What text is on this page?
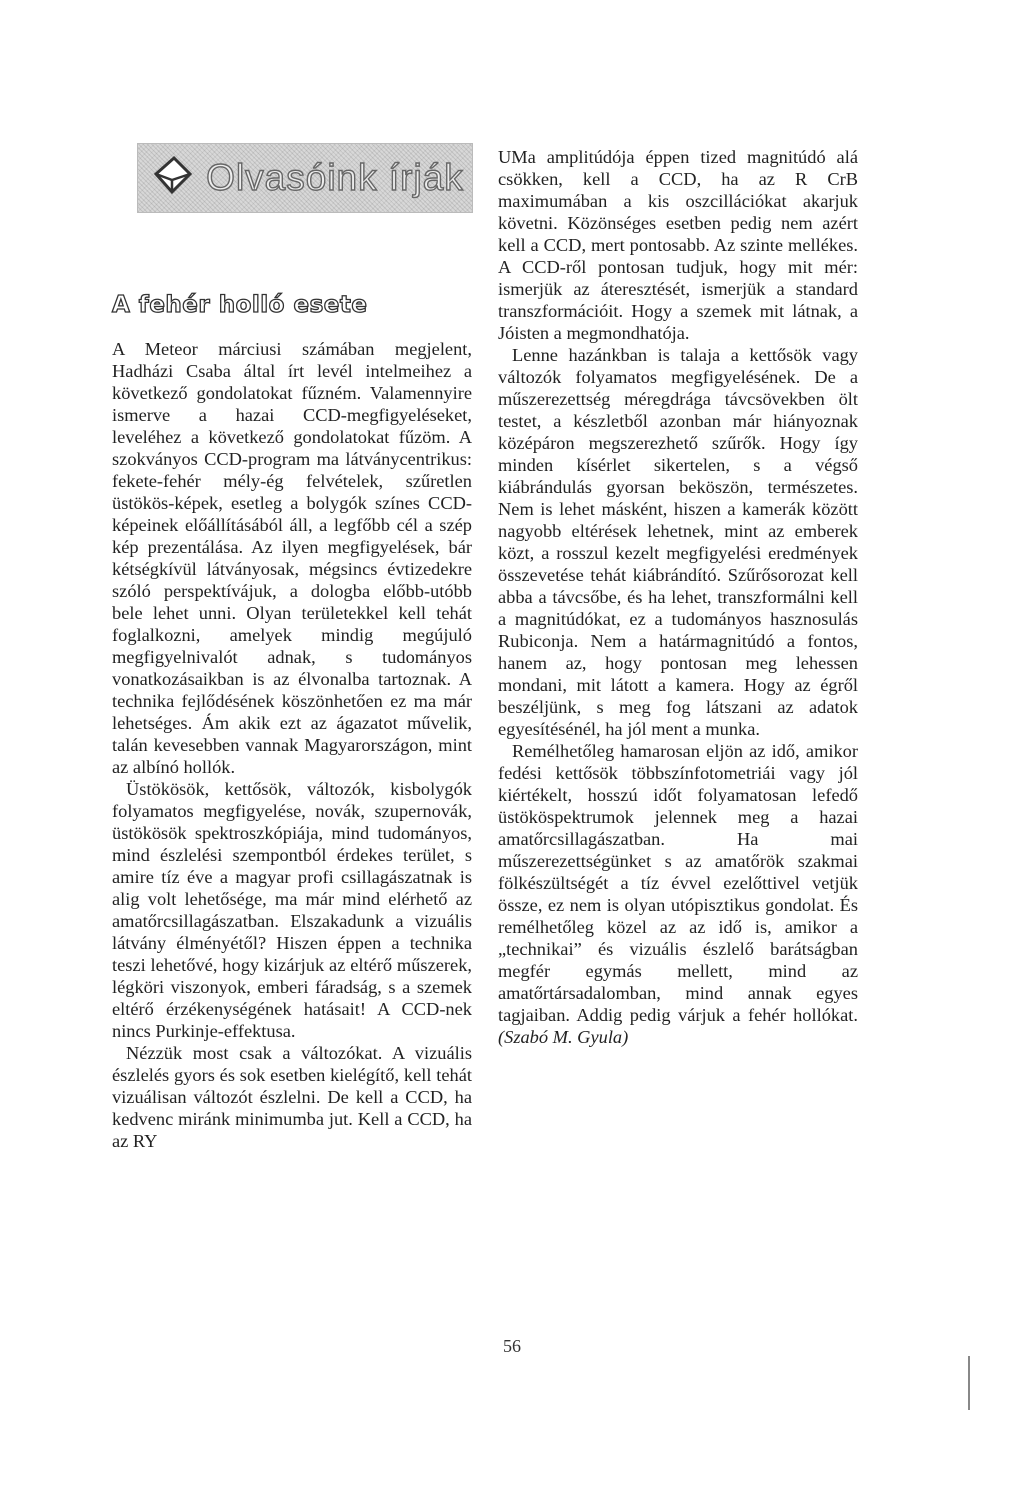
Olvasóink írják
A fehér holló esete

A Meteor márciusi számában megjelent, Hadházi Csaba által írt levél intelmeihez a következő gondolatokat fűzném. Valamennyire ismerve a hazai CCD-megfigyeléseket, leveléhez a következő gondolatokat fűzöm. A szokványos CCD-program ma látványcentrikus: fekete-fehér mély-ég felvételek, szűretlen üstökös-képek, esetleg a bolygók színes CCD-képeinek előállításából áll, a legfőbb cél a szép kép prezentálása. Az ilyen megfigyelések, bár kétségkívül látványosak, mégsincs évtizedekre szóló perspektívájuk, a dologba előbb-utóbb bele lehet unni. Olyan területekkel kell tehát foglalkozni, amelyek mindig megújuló megfigyelnivalót adnak, s tudományos vonatkozásaikban is az élvonalba tartoznak. A technika fejlődésének köszönhetően ez ma már lehetséges. Ám akik ezt az ágazatot művelik, talán kevesebben vannak Magyarországon, mint az albínó hollók.

Üstökösök, kettősök, változók, kisbolygók folyamatos megfigyelése, novák, szupernovák, üstökösök spektroszkópiája, mind tudományos, mind észlelési szempontból érdekes terület, s amire tíz éve a magyar profi csillagászatnak is alig volt lehetősége, ma már mind elérhető az amatőrcsillagászatban. Elszakadunk a vizuális látvány élményétől? Hiszen éppen a technika teszi lehetővé, hogy kizárjuk az eltérő műszerek, légköri viszonyok, emberi fáradság, s a szemek eltérő érzékenységének hatásait! A CCD-nek nincs Purkinje-effektusa.

Nézzük most csak a változókat. A vizuális észlelés gyors és sok esetben kielégítő, kell tehát vizuálisan változót észlelni. De kell a CCD, ha kedvenc miránk minimumba jut. Kell a CCD, ha az RY

UMa amplitúdója éppen tized magnitúdó alá csökken, kell a CCD, ha az R CrB maximumában a kis oszcillációkat akarjuk követni. Közönséges esetben pedig nem azért kell a CCD, mert pontosabb. Az szinte mellékes. A CCD-ről pontosan tudjuk, hogy mit mér: ismerjük az áteresztését, ismerjük a standard transzformációit. Hogy a szemek mit látnak, a Jóisten a megmondhatója.

Lenne hazánkban is talaja a kettősök vagy változók folyamatos megfigyelésének. De a műszerezettség méregdrága távcsövekben ölt testet, a készletből azonban már hiányoznak középáron megszerezhető szűrők. Hogy így minden kísérlet sikertelen, s a végső kiábrándulás gyorsan beköszön, természetes. Nem is lehet másként, hiszen a kamerák között nagyobb eltérések lehetnek, mint az emberek közt, a rosszul kezelt megfigyelési eredmények összevetése tehát kiábrándító. Szűrősorozat kell abba a távcsőbe, és ha lehet, transzformálni kell a magnitúdókat, ez a tudományos hasznosulás Rubiconja. Nem a határmagnitúdó a fontos, hanem az, hogy pontosan meg lehessen mondani, mit látott a kamera. Hogy az égről beszéljünk, s meg fog látszani az adatok egyesítésénél, ha jól ment a munka.

Remélhetőleg hamarosan eljön az idő, amikor fedési kettősök többszínfotometriái vagy jól kiértékelt, hosszú időt folyamatosan lefedő üstököspektrumok jelennek meg a hazai amatőrcsillagászatban. Ha mai műszerezettségünket s az amatőrök szakmai fölkészültségét a tíz évvel ezelőttivel vetjük össze, ez nem is olyan utópisztikus gondolat. És remélhetőleg közel az az idő is, amikor a „technikai” és vizuális észlelő barátságban megfér egymás mellett, mind az amatőrtársadalomban, mind annak egyes tagjaiban. Addig pedig várjuk a fehér hollókat. (Szabó M. Gyula)

56
